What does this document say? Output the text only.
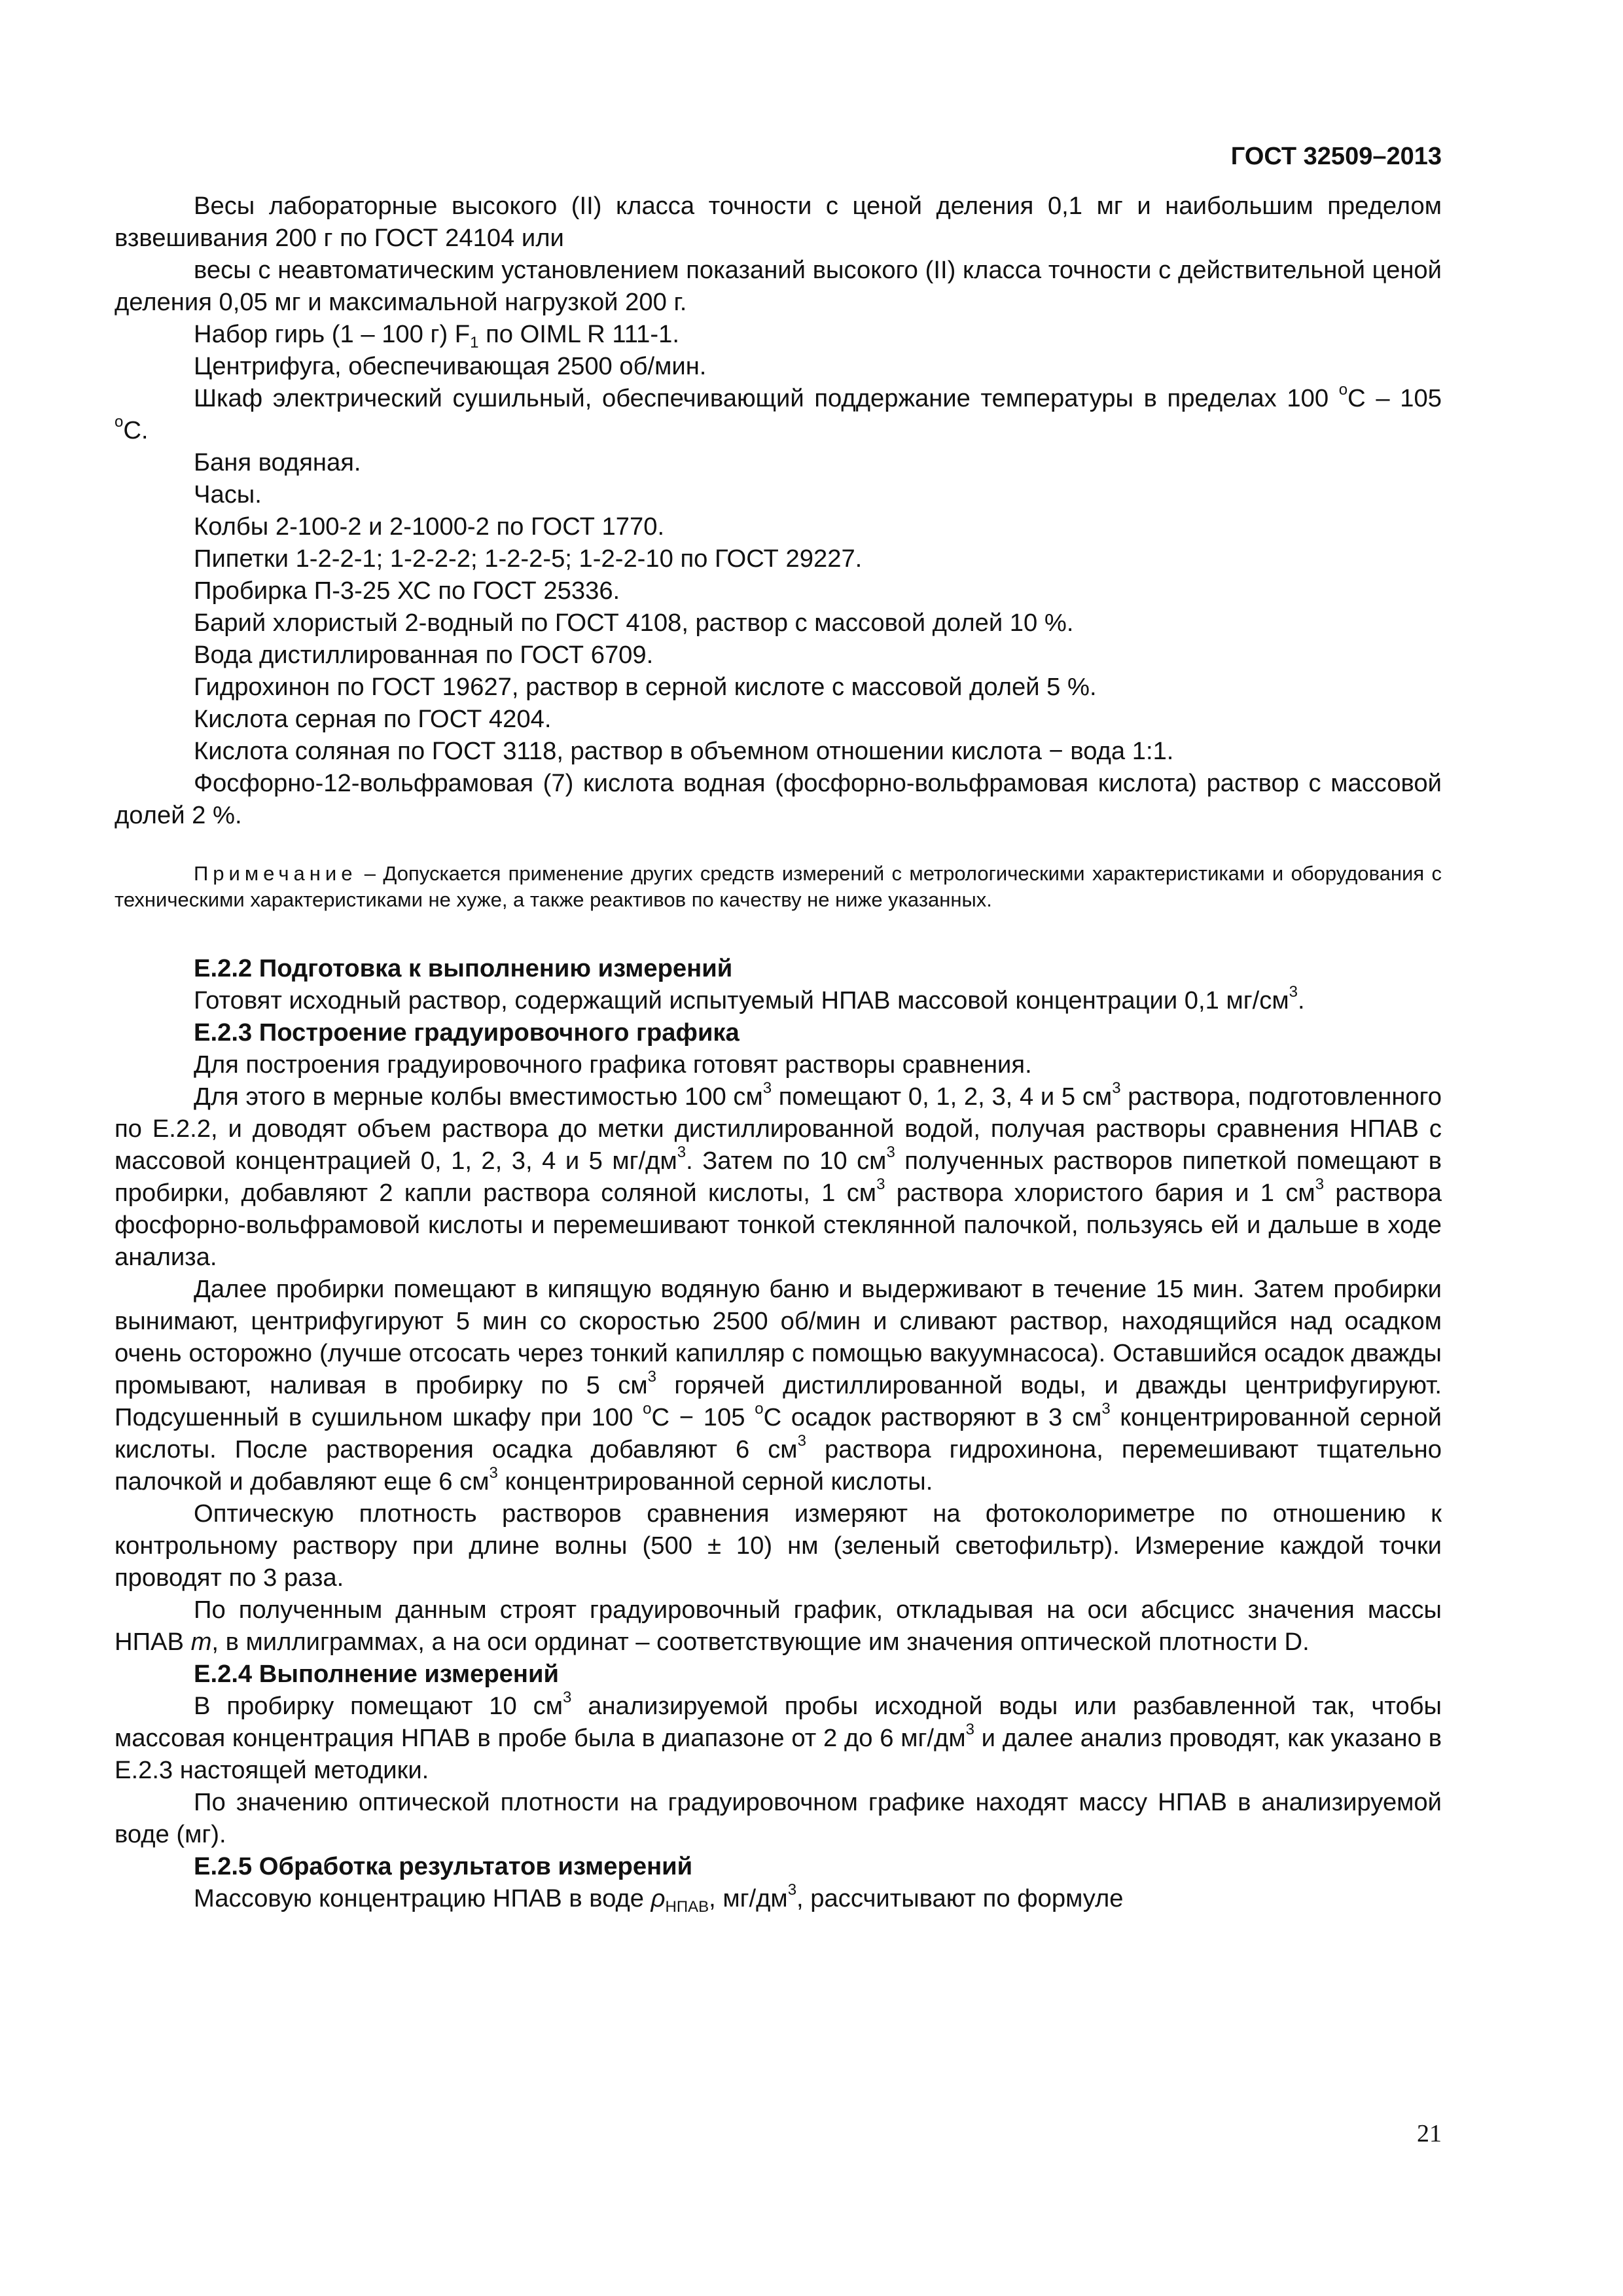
ГОСТ 32509–2013

Весы лабораторные высокого (II) класса точности с ценой деления 0,1 мг и наибольшим пределом взвешивания 200 г по ГОСТ 24104 или

весы с неавтоматическим установлением показаний высокого (II) класса точности с действительной ценой деления 0,05 мг и максимальной нагрузкой 200 г.

Набор гирь (1 – 100 г) $F_1$ по OIML R 111-1.

Центрифуга, обеспечивающая 2500 об/мин.

Шкаф электрический сушильный, обеспечивающий поддержание температуры в пределах 100 $^o$С – 105 $^o$С.

Баня водяная.

Часы.

Колбы 2-100-2 и 2-1000-2 по ГОСТ 1770.

Пипетки 1-2-2-1; 1-2-2-2; 1-2-2-5; 1-2-2-10 по ГОСТ 29227.

Пробирка П-3-25 ХС по ГОСТ 25336.

Барий хлористый 2-водный по ГОСТ 4108, раствор с массовой долей 10 %.

Вода дистиллированная по ГОСТ 6709.

Гидрохинон по ГОСТ 19627, раствор в серной кислоте с массовой долей 5 %.

Кислота серная по ГОСТ 4204.

Кислота соляная по ГОСТ 3118, раствор в объемном отношении кислота − вода 1:1.

Фосфорно-12-вольфрамовая (7) кислота водная (фосфорно-вольфрамовая кислота) раствор с массовой долей 2 %.

Примечание – Допускается применение других средств измерений с метрологическими характеристиками и оборудования с техническими характеристиками не хуже, а также реактивов по качеству не ниже указанных.

Е.2.2 Подготовка к выполнению измерений

Готовят исходный раствор, содержащий испытуемый НПАВ массовой концентрации 0,1 $мг/см^3$.

Е.2.3 Построение градуировочного графика

Для построения градуировочного графика готовят растворы сравнения.

Для этого в мерные колбы вместимостью 100 $см^3$ помещают 0, 1, 2, 3, 4 и 5 $см^3$ раствора, подготовленного по Е.2.2, и доводят объем раствора до метки дистиллированной водой, получая растворы сравнения НПАВ с массовой концентрацией 0, 1, 2, 3, 4 и 5 $мг/дм^3$. Затем по 10 $см^3$ полученных растворов пипеткой помещают в пробирки, добавляют 2 капли раствора соляной кислоты, 1 $см^3$ раствора хлористого бария и 1 $см^3$ раствора фосфорно-вольфрамовой кислоты и перемешивают тонкой стеклянной палочкой, пользуясь ей и дальше в ходе анализа.

Далее пробирки помещают в кипящую водяную баню и выдерживают в течение 15 мин. Затем пробирки вынимают, центрифугируют 5 мин со скоростью 2500 об/мин и сливают раствор, находящийся над осадком очень осторожно (лучше отсосать через тонкий капилляр с помощью вакуумнасоса). Оставшийся осадок дважды промывают, наливая в пробирку по 5 $см^3$ горячей дистиллированной воды, и дважды центрифугируют. Подсушенный в сушильном шкафу при 100 $^o$С − 105 $^o$С осадок растворяют в 3 $см^3$ концентрированной серной кислоты. После растворения осадка добавляют 6 $см^3$ раствора гидрохинона, перемешивают тщательно палочкой и добавляют еще 6 $см^3$ концентрированной серной кислоты.

Оптическую плотность растворов сравнения измеряют на фотоколориметре по отношению к контрольному раствору при длине волны (500 ± 10) нм (зеленый светофильтр). Измерение каждой точки проводят по 3 раза.

По полученным данным строят градуировочный график, откладывая на оси абсцисс значения массы НПАВ m, в миллиграммах, а на оси ординат – соответствующие им значения оптической плотности D.

Е.2.4 Выполнение измерений

В пробирку помещают 10 $см^3$ анализируемой пробы исходной воды или разбавленной так, чтобы массовая концентрация НПАВ в пробе была в диапазоне от 2 до 6 $мг/дм^3$ и далее анализ проводят, как указано в Е.2.3 настоящей методики.

По значению оптической плотности на градуировочном графике находят массу НПАВ в анализируемой воде (мг).

Е.2.5 Обработка результатов измерений

Массовую концентрацию НПАВ в воде $\rho_{НПАВ}$, $мг/дм^3$, рассчитывают по формуле

21
